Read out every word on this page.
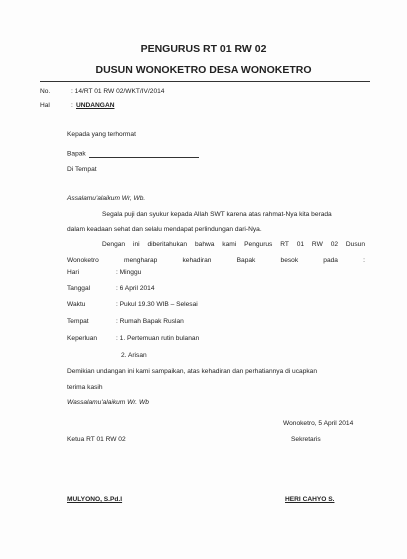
PENGURUS RT 01 RW 02
DUSUN WONOKETRO DESA WONOKETRO
No.	: 14/RT 01 RW 02/WKT/IV/2014
Hal	: UNDANGAN
Kepada yang terhormat
Bapak
Di Tempat
Assalamu'alaikum Wr, Wb.
Segala puji dan syukur kepada Allah SWT karena atas rahmat-Nya kita berada
dalam keadaan sehat dan selalu mendapat perlindungan dari-Nya.
Dengan ini diberitahukan bahwa kami Pengurus RT 01 RW 02 Dusun
Wonoketro mengharap kehadiran Bapak besok pada :
Hari	: Minggu
Tanggal	: 6 April 2014
Waktu	: Pukul 19.30 WIB – Selesai
Tempat	: Rumah Bapak Ruslan
Keperluan	: 1. Pertemuan rutin bulanan
2. Arisan
Demikian undangan ini kami sampaikan, atas kehadiran dan perhatiannya di ucapkan
terima kasih
Wassalamu'alaikum Wr. Wb
Wonoketro, 5 April 2014
Ketua RT 01 RW 02	Sekretaris
MULYONO, S.Pd.I	HERI CAHYO S.
